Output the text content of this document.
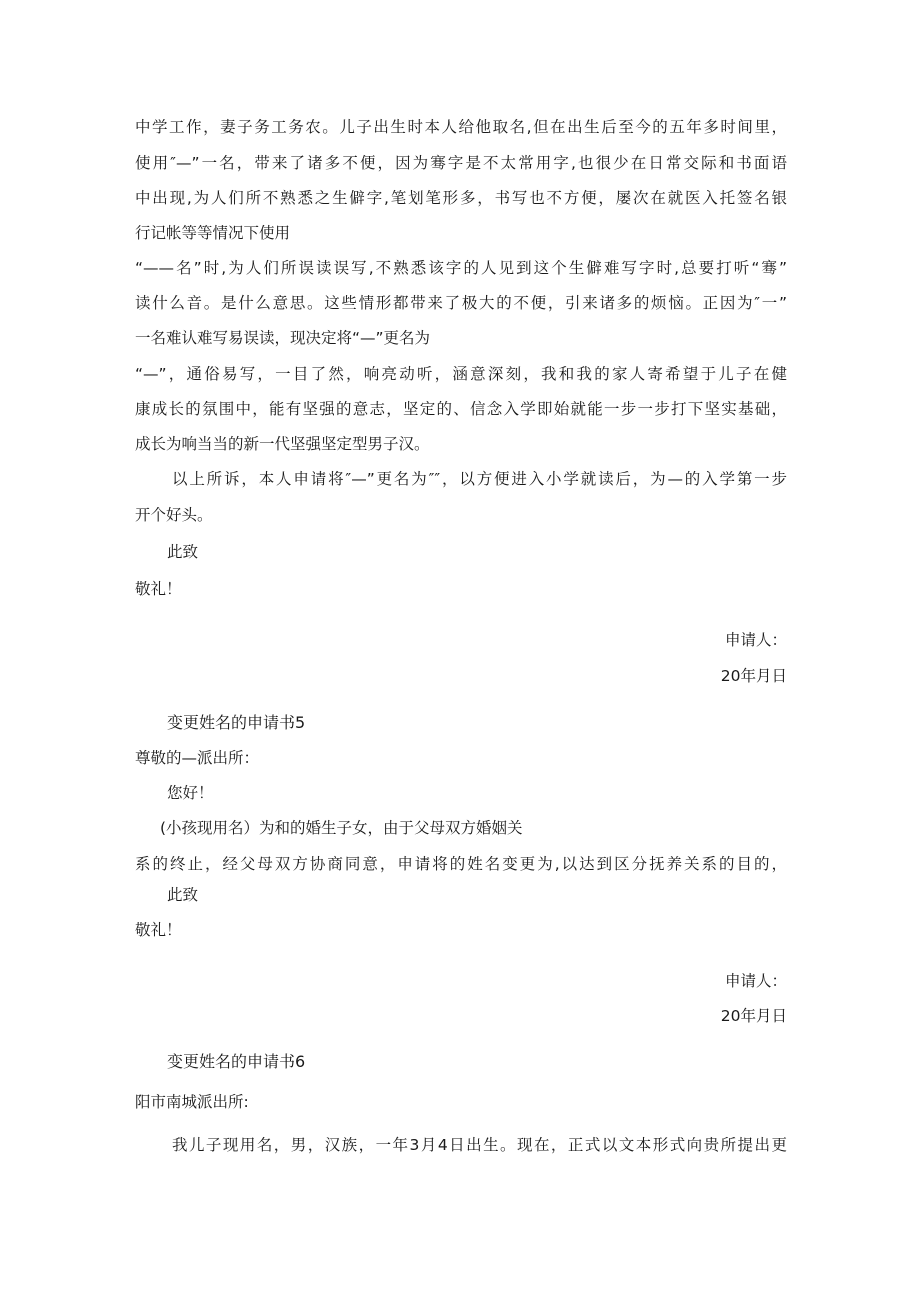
中学工作，妻子务工务农。儿子出生时本人给他取名,但在出生后至今的五年多时间里，
使用″—”一名，带来了诸多不便，因为骞字是不太常用字,也很少在日常交际和书面语
中出现,为人们所不熟悉之生僻字,笔划笔形多，书写也不方便，屡次在就医入托签名银
行记帐等等情况下使用
“——名”时,为人们所误读误写,不熟悉该字的人见到这个生僻难写字时,总要打听“骞”
读什么音。是什么意思。这些情形都带来了极大的不便，引来诸多的烦恼。正因为″一”
一名难认难写易误读，现决定将“—”更名为
“—”，通俗易写，一目了然，响亮动听，涵意深刻，我和我的家人寄希望于儿子在健
康成长的氛围中，能有坚强的意志，坚定的、信念入学即始就能一步一步打下坚实基础，
成长为响当当的新一代坚强坚定型男子汉。
以上所诉，本人申请将″—”更名为″″，以方便进入小学就读后，为—的入学第一步
开个好头。
此致
敬礼！
申请人：
20年月日
变更姓名的申请书5
尊敬的—派出所：
您好！
(小孩现用名）为和的婚生子女，由于父母双方婚姻关
系的终止，经父母双方协商同意，申请将的姓名变更为,以达到区分抚养关系的目的，
此致
敬礼！
申请人：
20年月日
变更姓名的申请书6
阳市南城派出所:
我儿子现用名，男，汉族，一年3月4日出生。现在，正式以文本形式向贵所提出更
